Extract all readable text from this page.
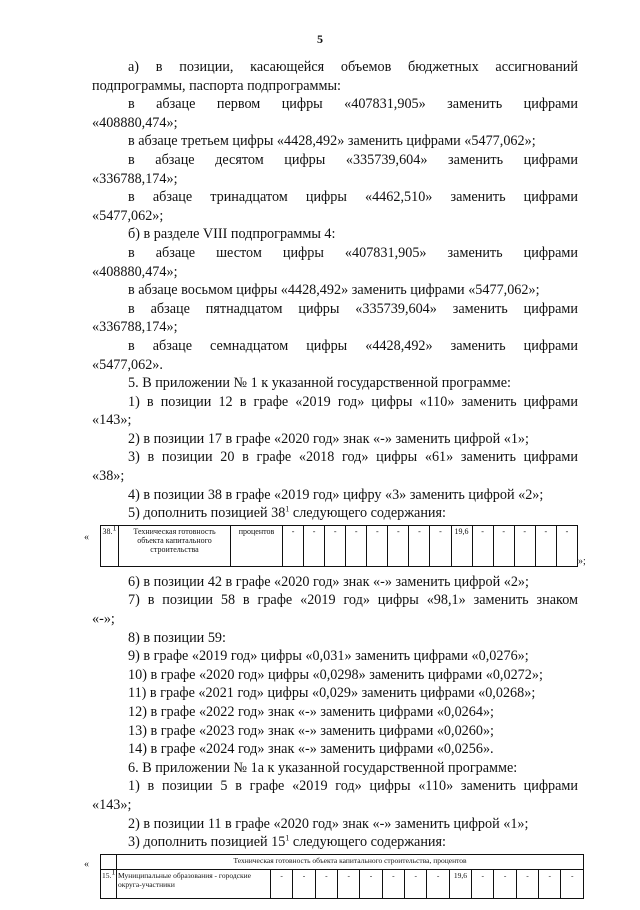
5

а) в позиции, касающейся объемов бюджетных ассигнований подпрограммы, паспорта подпрограммы:

в абзаце первом цифры «407831,905» заменить цифрами

«408880,474»;

в абзаце третьем цифры «4428,492» заменить цифрами «5477,062»;

в абзаце десятом цифры «335739,604» заменить цифрами

«336788,174»;

в абзаце тринадцатом цифры «4462,510» заменить цифрами

«5477,062»;

б) в разделе VIII подпрограммы 4:

в абзаце шестом цифры «407831,905» заменить цифрами

«408880,474»;

в абзаце восьмом цифры «4428,492» заменить цифрами «5477,062»;

в абзаце пятнадцатом цифры «335739,604» заменить цифрами

«336788,174»;

в абзаце семнадцатом цифры «4428,492» заменить цифрами

«5477,062».

5. В приложении № 1 к указанной государственной программе:

1) в позиции 12 в графе «2019 год» цифры «110» заменить цифрами

«143»;

2) в позиции 17 в графе «2020 год» знак «-» заменить цифрой «1»;

3) в позиции 20 в графе «2018 год» цифры «61» заменить цифрами

«38»;

4) в позиции 38 в графе «2019 год» цифру «3» заменить цифрой «2»;

5) дополнить позицией $38^1$ следующего содержания:

«
38.$^1$	Техническая готовность объекта капитального строительства	процентов	-	-	-	-	-	-	-	-	19,6	-	-	-	-	-
»;

6) в позиции 42 в графе «2020 год» знак «-» заменить цифрой «2»;

7) в позиции 58 в графе «2019 год» цифры «98,1» заменить знаком

«-»;

8) в позиции 59:

9) в графе «2019 год» цифры «0,031» заменить цифрами «0,0276»;

10) в графе «2020 год» цифры «0,0298» заменить цифрами «0,0272»;

11) в графе «2021 год» цифры «0,029» заменить цифрами «0,0268»;

12) в графе «2022 год» знак «-» заменить цифрами «0,0264»;

13) в графе «2023 год» знак «-» заменить цифрами «0,0260»;

14) в графе «2024 год» знак «-» заменить цифрами «0,0256».

6. В приложении № 1а к указанной государственной программе:

1) в позиции 5 в графе «2019 год» цифры «110» заменить цифрами

«143»;

2) в позиции 11 в графе «2020 год» знак «-» заменить цифрой «1»;

3) дополнить позицией $15^1$ следующего содержания:

«
		Техническая готовность объекта капитального строительства, процентов														
15.$^1$	Муниципальные образования - городские округа-участники	-	-	-	-	-	-	-	-	19,6	-	-	-	-	-
